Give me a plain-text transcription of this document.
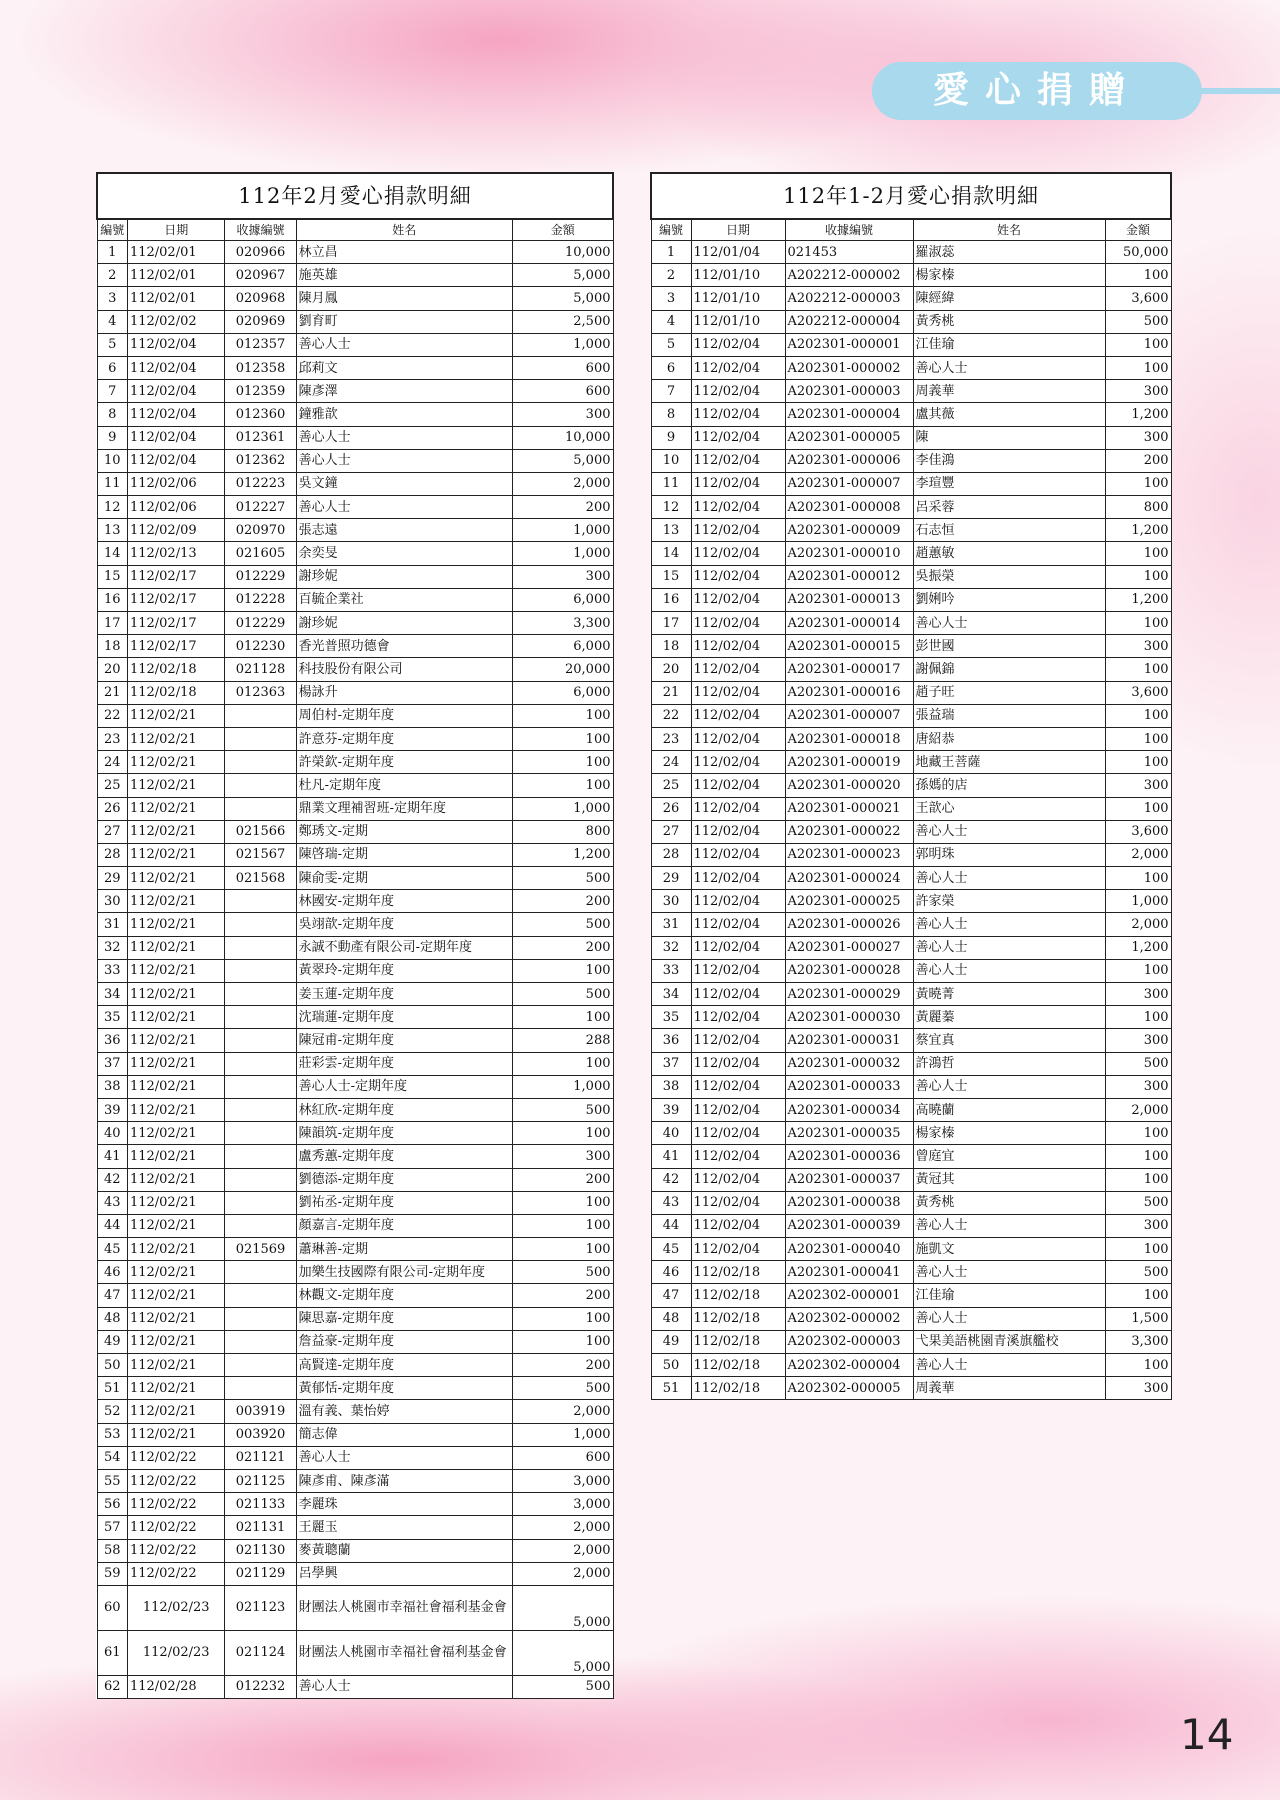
愛心捐贈
112年2月愛心捐款明細				
編號	日期	收據編號	姓名	金額
1	112/02/01	020966	林立昌	10,000
2	112/02/01	020967	施英雄	5,000
3	112/02/01	020968	陳月鳳	5,000
4	112/02/02	020969	劉育町	2,500
5	112/02/04	012357	善心人士	1,000
6	112/02/04	012358	邱莉文	600
7	112/02/04	012359	陳彥澤	600
8	112/02/04	012360	鐘雅歆	300
9	112/02/04	012361	善心人士	10,000
10	112/02/04	012362	善心人士	5,000
11	112/02/06	012223	吳文鐘	2,000
12	112/02/06	012227	善心人士	200
13	112/02/09	020970	張志遠	1,000
14	112/02/13	021605	余奕旻	1,000
15	112/02/17	012229	謝珍妮	300
16	112/02/17	012228	百毓企業社	6,000
17	112/02/17	012229	謝珍妮	3,300
18	112/02/17	012230	香光普照功德會	6,000
20	112/02/18	021128	科技股份有限公司	20,000
21	112/02/18	012363	楊詠升	6,000
22	112/02/21		周伯村-定期年度	100
23	112/02/21		許意芬-定期年度	100
24	112/02/21		許榮欽-定期年度	100
25	112/02/21		杜凡-定期年度	100
26	112/02/21		鼎業文理補習班-定期年度	1,000
27	112/02/21	021566	鄭琇文-定期	800
28	112/02/21	021567	陳啓瑞-定期	1,200
29	112/02/21	021568	陳俞雯-定期	500
30	112/02/21		林國安-定期年度	200
31	112/02/21		吳翊歆-定期年度	500
32	112/02/21		永誠不動產有限公司-定期年度	200
33	112/02/21		黃翠玲-定期年度	100
34	112/02/21		姜玉蓮-定期年度	500
35	112/02/21		沈瑞蓮-定期年度	100
36	112/02/21		陳冠甫-定期年度	288
37	112/02/21		莊彩雲-定期年度	100
38	112/02/21		善心人士-定期年度	1,000
39	112/02/21		林紅欣-定期年度	500
40	112/02/21		陳韻筑-定期年度	100
41	112/02/21		盧秀蕙-定期年度	300
42	112/02/21		劉德添-定期年度	200
43	112/02/21		劉祐丞-定期年度	100
44	112/02/21		顏嘉言-定期年度	100
45	112/02/21	021569	蕭琳善-定期	100
46	112/02/21		加樂生技國際有限公司-定期年度	500
47	112/02/21		林觀文-定期年度	200
48	112/02/21		陳思嘉-定期年度	100
49	112/02/21		詹益豪-定期年度	100
50	112/02/21		高賢達-定期年度	200
51	112/02/21		黃郁恬-定期年度	500
52	112/02/21	003919	溫有義、葉怡婷	2,000
53	112/02/21	003920	簡志偉	1,000
54	112/02/22	021121	善心人士	600
55	112/02/22	021125	陳彥甫、陳彥滿	3,000
56	112/02/22	021133	李麗珠	3,000
57	112/02/22	021131	王麗玉	2,000
58	112/02/22	021130	麥黃聰蘭	2,000
59	112/02/22	021129	呂學興	2,000
60	112/02/23	021123	財團法人桃園市幸福社會福利基金會	5,000
61	112/02/23	021124	財團法人桃園市幸福社會福利基金會	5,000
62	112/02/28	012232	善心人士	500
112年1-2月愛心捐款明細				
編號	日期	收據編號	姓名	金額
1	112/01/04	021453	羅淑蕊	50,000
2	112/01/10	A202212-000002	楊家榛	100
3	112/01/10	A202212-000003	陳經緯	3,600
4	112/01/10	A202212-000004	黃秀桃	500
5	112/02/04	A202301-000001	江佳瑜	100
6	112/02/04	A202301-000002	善心人士	100
7	112/02/04	A202301-000003	周義華	300
8	112/02/04	A202301-000004	盧其薇	1,200
9	112/02/04	A202301-000005	陳	300
10	112/02/04	A202301-000006	李佳鴻	200
11	112/02/04	A202301-000007	李瑄豐	100
12	112/02/04	A202301-000008	呂采蓉	800
13	112/02/04	A202301-000009	石志恒	1,200
14	112/02/04	A202301-000010	趙蕙敏	100
15	112/02/04	A202301-000012	吳振榮	100
16	112/02/04	A202301-000013	劉娳吟	1,200
17	112/02/04	A202301-000014	善心人士	100
18	112/02/04	A202301-000015	彭世國	300
20	112/02/04	A202301-000017	謝佩錦	100
21	112/02/04	A202301-000016	趙子旺	3,600
22	112/02/04	A202301-000007	張益瑞	100
23	112/02/04	A202301-000018	唐紹恭	100
24	112/02/04	A202301-000019	地藏王菩薩	100
25	112/02/04	A202301-000020	孫媽的店	300
26	112/02/04	A202301-000021	王歆心	100
27	112/02/04	A202301-000022	善心人士	3,600
28	112/02/04	A202301-000023	郭明珠	2,000
29	112/02/04	A202301-000024	善心人士	100
30	112/02/04	A202301-000025	許家榮	1,000
31	112/02/04	A202301-000026	善心人士	2,000
32	112/02/04	A202301-000027	善心人士	1,200
33	112/02/04	A202301-000028	善心人士	100
34	112/02/04	A202301-000029	黃曉菁	300
35	112/02/04	A202301-000030	黃麗蓁	100
36	112/02/04	A202301-000031	蔡宜真	300
37	112/02/04	A202301-000032	許鴻哲	500
38	112/02/04	A202301-000033	善心人士	300
39	112/02/04	A202301-000034	高曉蘭	2,000
40	112/02/04	A202301-000035	楊家榛	100
41	112/02/04	A202301-000036	曾庭宜	100
42	112/02/04	A202301-000037	黃冠其	100
43	112/02/04	A202301-000038	黃秀桃	500
44	112/02/04	A202301-000039	善心人士	300
45	112/02/04	A202301-000040	施凱文	100
46	112/02/18	A202301-000041	善心人士	500
47	112/02/18	A202302-000001	江佳瑜	100
48	112/02/18	A202302-000002	善心人士	1,500
49	112/02/18	A202302-000003	弋果美語桃園青溪旗艦校	3,300
50	112/02/18	A202302-000004	善心人士	100
51	112/02/18	A202302-000005	周義華	300
14
